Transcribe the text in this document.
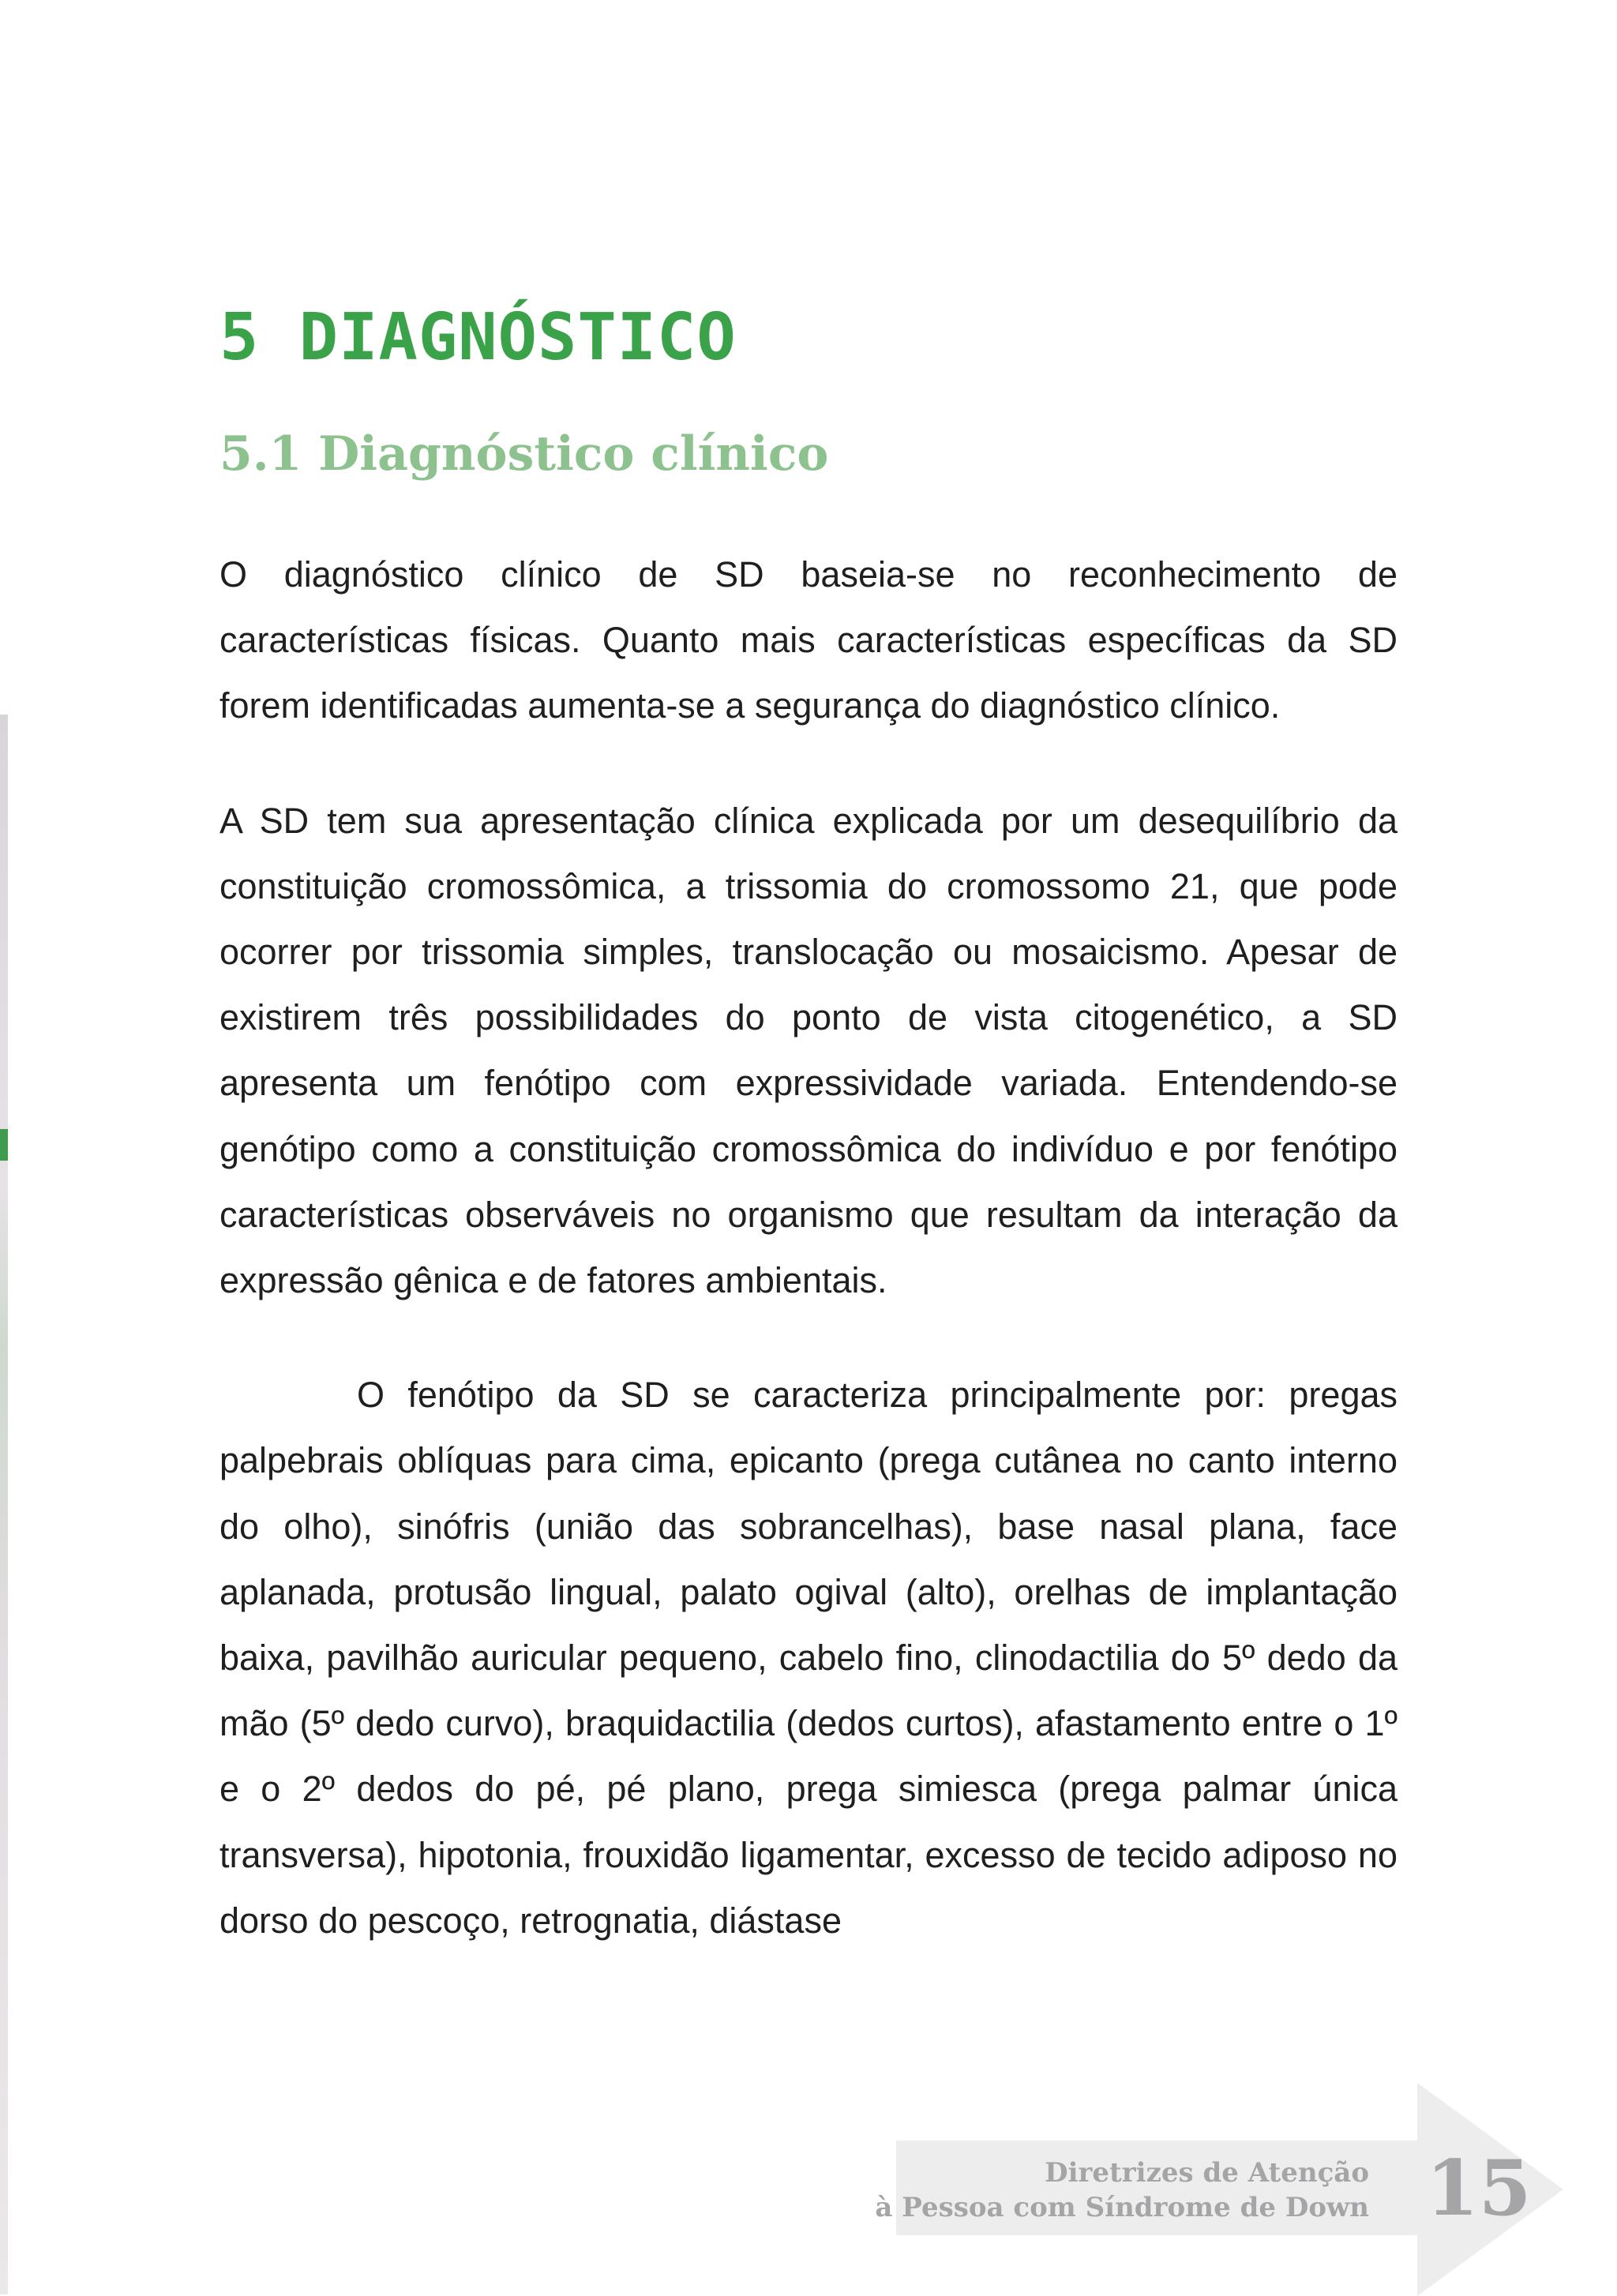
5 DIAGNÓSTICO
5.1 Diagnóstico clínico

O diagnóstico clínico de SD baseia-se no reconhecimento de características físicas. Quanto mais características específicas da SD forem identificadas aumenta-se a segurança do diagnóstico clínico.

A SD tem sua apresentação clínica explicada por um desequilíbrio da constituição cromossômica, a trissomia do cromossomo 21, que pode ocorrer por trissomia simples, translocação ou mosaicismo. Apesar de existirem três possibilidades do ponto de vista citogenético, a SD apresenta um fenótipo com expressividade variada. Entendendo-se genótipo como a constituição cromossômica do indivíduo e por fenótipo características observáveis no organismo que resultam da interação da expressão gênica e de fatores ambientais.

O fenótipo da SD se caracteriza principalmente por: pregas palpebrais oblíquas para cima, epicanto (prega cutânea no canto interno do olho), sinófris (união das sobrancelhas), base nasal plana, face aplanada, protusão lingual, palato ogival (alto), orelhas de implantação baixa, pavilhão auricular pequeno, cabelo fino, clinodactilia do 5º dedo da mão (5º dedo curvo), braquidactilia (dedos curtos), afastamento entre o 1º e o 2º dedos do pé, pé plano, prega simiesca (prega palmar única transversa), hipotonia, frouxidão ligamentar, excesso de tecido adiposo no dorso do pescoço, retrognatia, diástase

Diretrizes de Atenção
à Pessoa com Síndrome de Down 15
